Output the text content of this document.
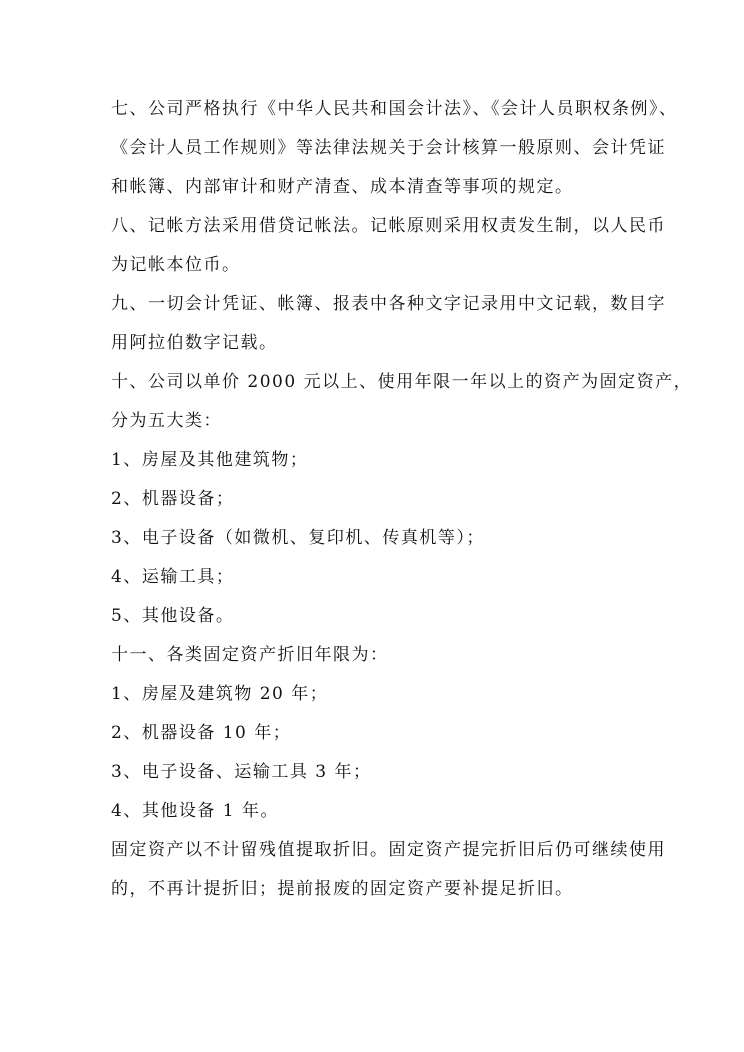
七、公司严格执行《中华人民共和国会计法》、《会计人员职权条例》、
《会计人员工作规则》等法律法规关于会计核算一般原则、会计凭证
和帐簿、内部审计和财产清查、成本清查等事项的规定。
八、记帐方法采用借贷记帐法。记帐原则采用权责发生制，以人民币
为记帐本位币。
九、一切会计凭证、帐簿、报表中各种文字记录用中文记载，数目字
用阿拉伯数字记载。
十、公司以单价 2000 元以上、使用年限一年以上的资产为固定资产，
分为五大类：
1、房屋及其他建筑物；
2、机器设备；
3、电子设备（如微机、复印机、传真机等）；
4、运输工具；
5、其他设备。
十一、各类固定资产折旧年限为：
1、房屋及建筑物 20 年；
2、机器设备 10 年；
3、电子设备、运输工具 3 年；
4、其他设备 1 年。
固定资产以不计留残值提取折旧。固定资产提完折旧后仍可继续使用
的，不再计提折旧；提前报废的固定资产要补提足折旧。
